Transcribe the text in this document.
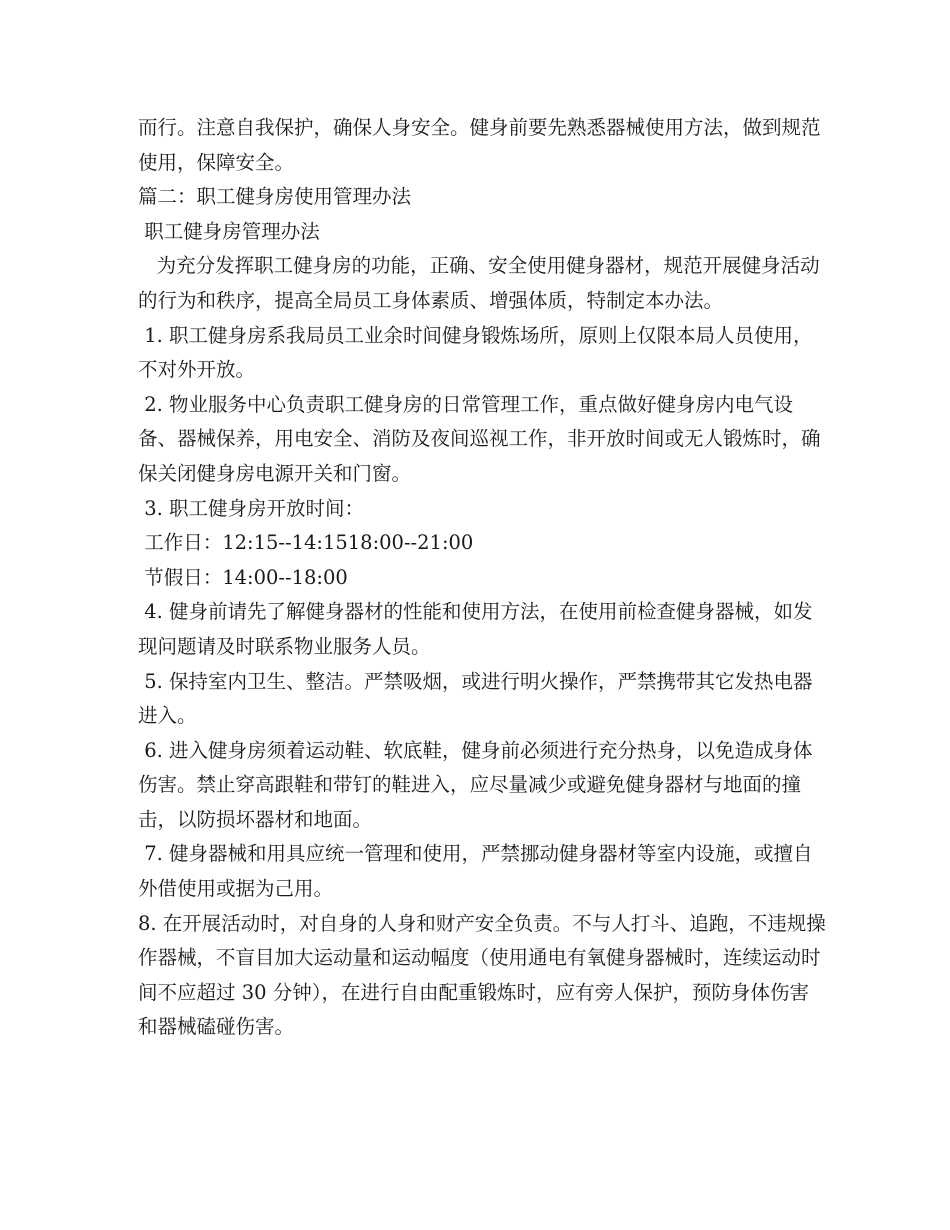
而行。注意自我保护，确保人身安全。健身前要先熟悉器械使用方法，做到规范使用，保障安全。

篇二：职工健身房使用管理办法

职工健身房管理办法

为充分发挥职工健身房的功能，正确、安全使用健身器材，规范开展健身活动的行为和秩序，提高全局员工身体素质、增强体质，特制定本办法。

1. 职工健身房系我局员工业余时间健身锻炼场所，原则上仅限本局人员使用，不对外开放。

2. 物业服务中心负责职工健身房的日常管理工作，重点做好健身房内电气设备、器械保养，用电安全、消防及夜间巡视工作，非开放时间或无人锻炼时，确保关闭健身房电源开关和门窗。

3. 职工健身房开放时间：

工作日：12:15--14:1518:00--21:00

节假日：14:00--18:00

4. 健身前请先了解健身器材的性能和使用方法，在使用前检查健身器械，如发现问题请及时联系物业服务人员。

5. 保持室内卫生、整洁。严禁吸烟，或进行明火操作，严禁携带其它发热电器进入。

6. 进入健身房须着运动鞋、软底鞋，健身前必须进行充分热身，以免造成身体伤害。禁止穿高跟鞋和带钉的鞋进入，应尽量减少或避免健身器材与地面的撞击，以防损坏器材和地面。

7. 健身器械和用具应统一管理和使用，严禁挪动健身器材等室内设施，或擅自外借使用或据为己用。

8. 在开展活动时，对自身的人身和财产安全负责。不与人打斗、追跑，不违规操作器械，不盲目加大运动量和运动幅度（使用通电有氧健身器械时，连续运动时间不应超过 30 分钟），在进行自由配重锻炼时，应有旁人保护，预防身体伤害和器械磕碰伤害。
